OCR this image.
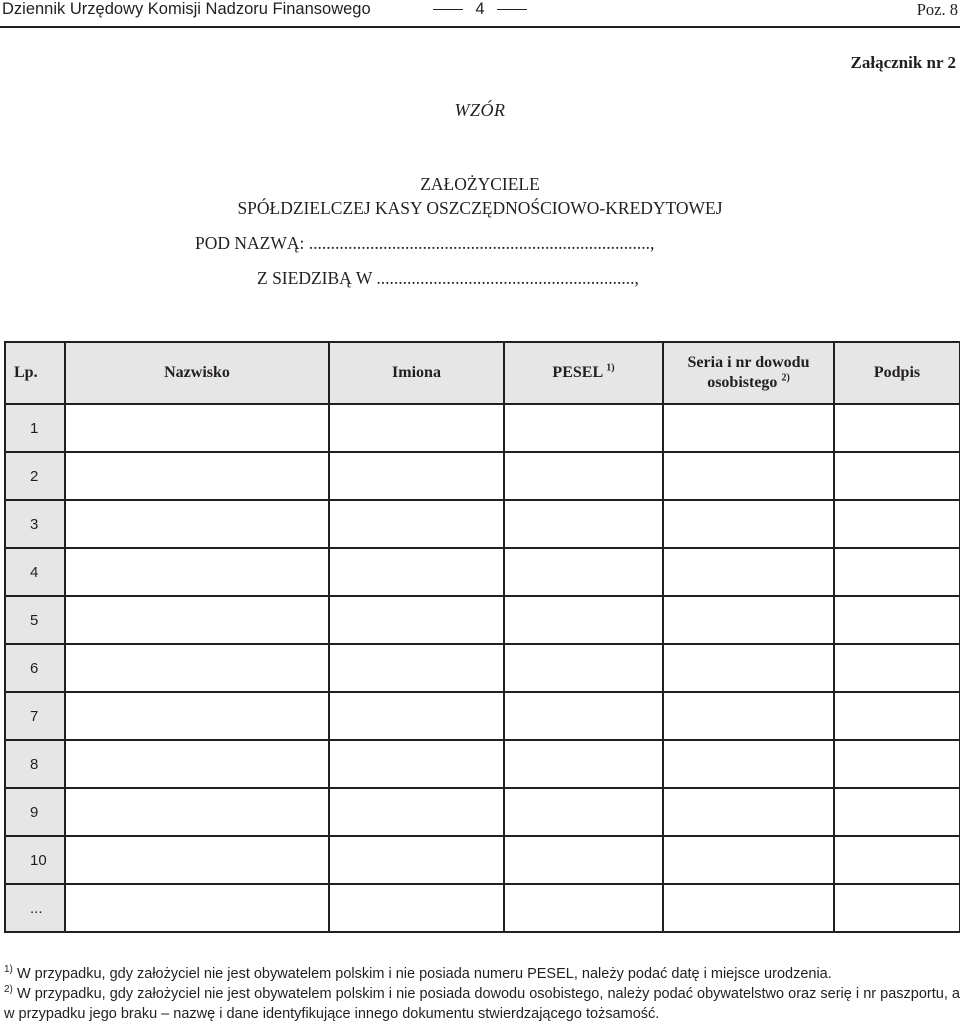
Dziennik Urzędowy Komisji Nadzoru Finansowego	4	Poz. 8
Załącznik nr 2
WZÓR
ZAŁOŻYCIELE
SPÓŁDZIELCZEJ KASY OSZCZĘDNOŚCIOWO-KREDYTOWEJ
POD NAZWĄ: ..............................................................................,
Z SIEDZIBĄ W ...........................................................,
Lp.	Nazwisko	Imiona	PESEL $^{1)}$	Seria i nr dowodu
osobistego $^{2)}$	Podpis
1					
2					
3					
4					
5					
6					
7					
8					
9					
10					
...					
$^{1)}$ W przypadku, gdy założyciel nie jest obywatelem polskim i nie posiada numeru PESEL, należy podać datę i miejsce urodzenia.
$^{2)}$ W przypadku, gdy założyciel nie jest obywatelem polskim i nie posiada dowodu osobistego, należy podać obywatelstwo oraz serię i nr paszportu, a w przypadku jego braku – nazwę i dane identyfikujące innego dokumentu stwierdzającego tożsamość.
